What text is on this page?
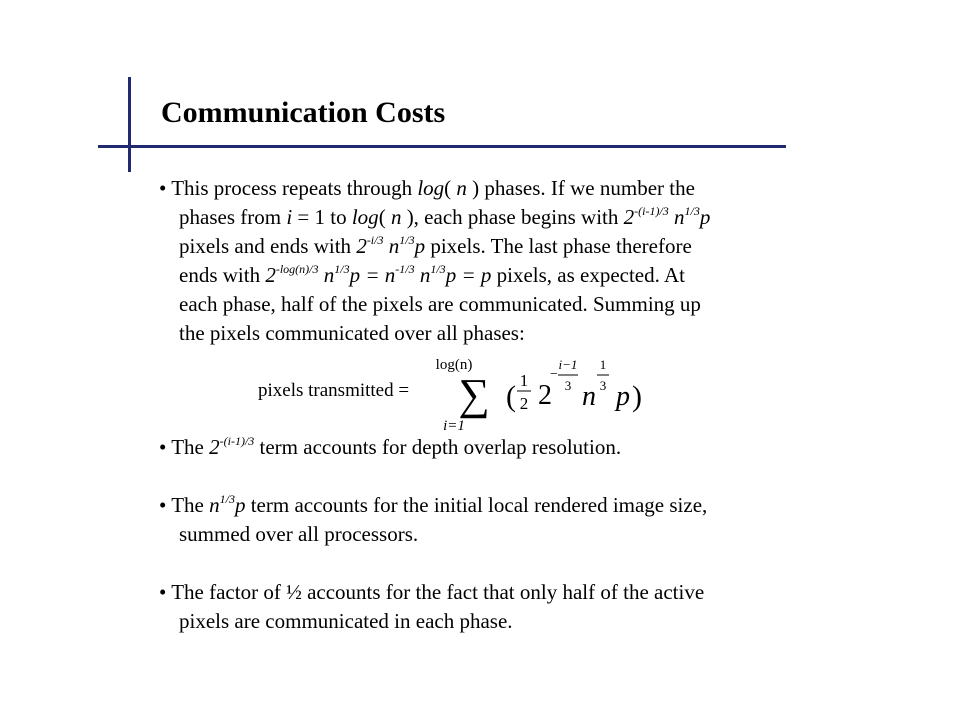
Communication Costs

• This process repeats through log( n ) phases. If we number the
phases from i = 1 to log( n ), each phase begins with $2^{-(i-1)/3}$ $n^{1/3}p$
pixels and ends with $2^{-i/3}$ $n^{1/3}p$ pixels. The last phase therefore
ends with $2^{-log(n)/3}$ $n^{1/3}p = n^{-1/3}$ $n^{1/3}p = p$ pixels, as expected. At
each phase, half of the pixels are communicated. Summing up
the pixels communicated over all phases:

pixels transmitted =
log(n)
∑
i=1
( 1
2 2
−
i−1
3 n
1
3 p )

• The $2^{-(i-1)/3}$ term accounts for depth overlap resolution.

• The $n^{1/3}p$ term accounts for the initial local rendered image size,
summed over all processors.

• The factor of ½ accounts for the fact that only half of the active
pixels are communicated in each phase.
